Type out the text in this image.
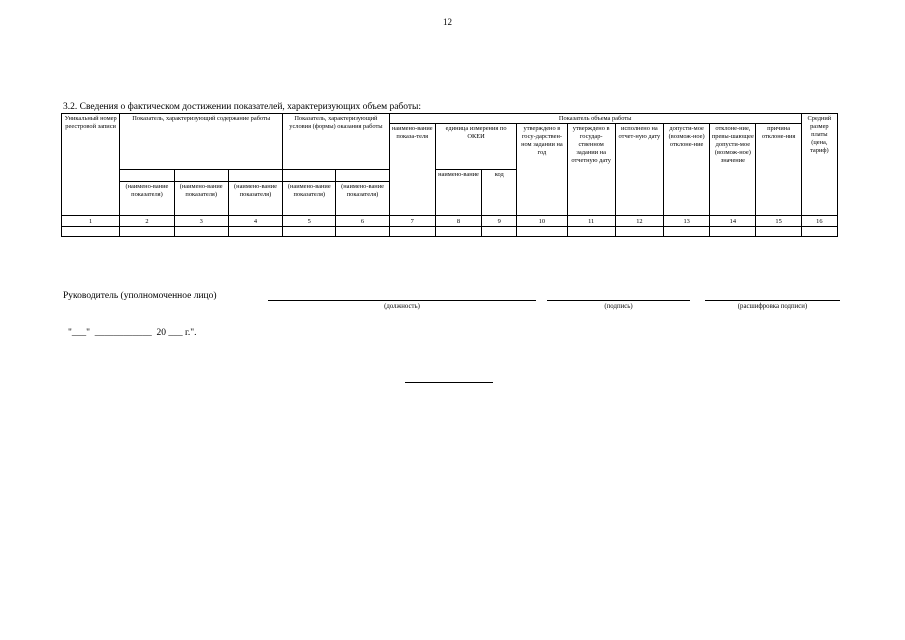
12
3.2. Сведения о фактическом достижении показателей, характеризующих объем работы:
Уникальный номер реестровой записи	Показатель, характеризующий содержание работы			Показатель, характеризующий условия (формы) оказания работы		Показатель объема работы									Средний размер платы (цена, тариф)
						наимено-вание показа-теля	единица измерения по ОКЕИ		утверждено в госу-дарствен-ном задании на год	утверждено в государ-ственном задании на отчетную дату	исполнено на отчет-ную дату	допусти-мое (возмож-ное) отклоне-ние	отклоне-ние, превы-шающее допусти-мое (возмож-ное) значение	причина отклоне-ния	
							наимено-вание	код							
	(наимено-вание показателя)	(наимено-вание показателя)	(наимено-вание показателя)	(наимено-вание показателя)	(наимено-вание показателя)										
1	2	3	4	5	6	7	8	9	10	11	12	13	14	15	16

Руководитель (уполномоченное лицо)
(должность)	(подпись)	(расшифровка подписи)
"___"  ____________  20 ___ г.".
